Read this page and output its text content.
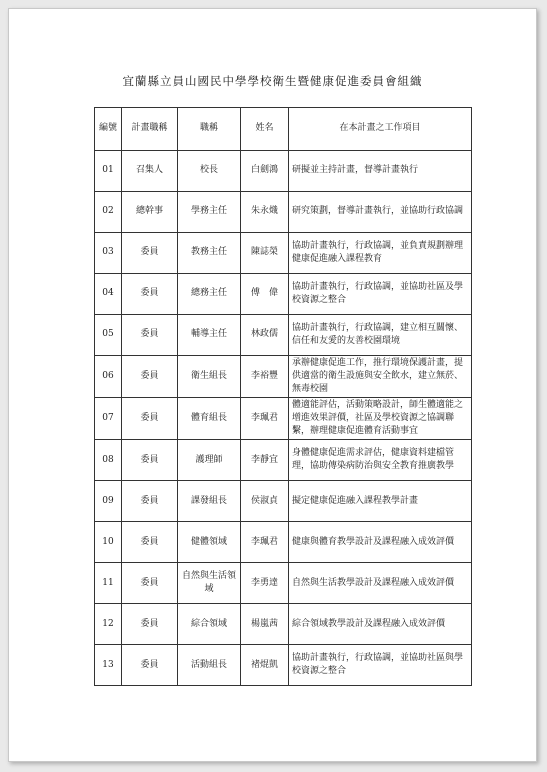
宜蘭縣立員山國民中學學校衛生暨健康促進委員會組織
編號	計畫職稱	職稱	姓名	在本計畫之工作項目
01	召集人	校長	白劍鴻	研擬並主持計畫，督導計畫執行
02	總幹事	學務主任	朱永熾	研究策劃，督導計畫執行，並協助行政協調
03	委員	教務主任	陳誌榮	協助計畫執行，行政協調，並負責規劃辦理健康促進融入課程教育
04	委員	總務主任	傅　偉	協助計畫執行，行政協調，並協助社區及學校資源之整合
05	委員	輔導主任	林政儒	協助計畫執行，行政協調，建立相互關懷、信任和友愛的友善校園環境
06	委員	衛生組長	李裕豐	承辦健康促進工作，推行環境保護計畫，提供適當的衛生設施與安全飲水，建立無菸、無毒校園
07	委員	體育組長	李珮君	體適能評估，活動策略設計，師生體適能之增進效果評價，社區及學校資源之協調聯繫，辦理健康促進體育活動事宜
08	委員	護理師	李靜宜	身體健康促進需求評估，健康資料建檔管理，協助傳染病防治與安全教育推廣教學
09	委員	課發組長	侯淑貞	擬定健康促進融入課程教學計畫
10	委員	健體領域	李珮君	健康與體育教學設計及課程融入成效評價
11	委員	自然與生活領域	李勇達	自然與生活教學設計及課程融入成效評價
12	委員	綜合領域	楊嵐茜	綜合領域教學設計及課程融入成效評價
13	委員	活動組長	褚焜凱	協助計畫執行，行政協調，並協助社區與學校資源之整合
